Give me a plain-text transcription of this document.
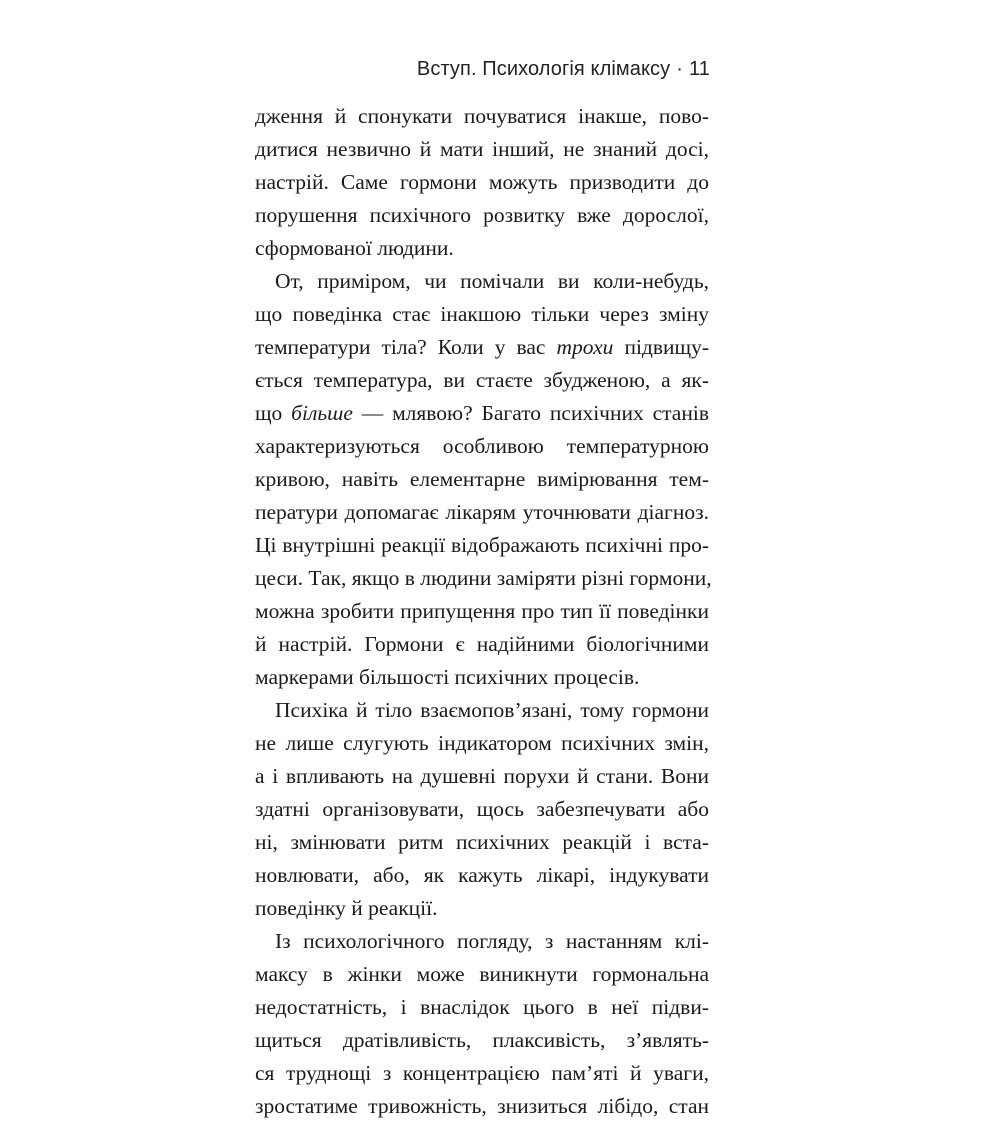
Вступ. Психологія клімаксу · 11
дження й спонукати почуватися інакше, пово-
дитися незвично й мати інший, не знаний досі,
настрій. Саме гормони можуть призводити до
порушення психічного розвитку вже дорослої,
сформованої людини.
От, приміром, чи помічали ви коли-небудь,
що поведінка стає інакшою тільки через зміну
температури тіла? Коли у вас трохи підвищу-
ється температура, ви стаєте збудженою, а як-
що більше — млявою? Багато психічних станів
характеризуються особливою температурною
кривою, навіть елементарне вимірювання тем-
ператури допомагає лікарям уточнювати діагноз.
Ці внутрішні реакції відображають психічні про-
цеси. Так, якщо в людини заміряти різні гормони,
можна зробити припущення про тип її поведінки
й настрій. Гормони є надійними біологічними
маркерами більшості психічних процесів.
Психіка й тіло взаємопов’язані, тому гормони
не лише слугують індикатором психічних змін,
а і впливають на душевні порухи й стани. Вони
здатні організовувати, щось забезпечувати або
ні, змінювати ритм психічних реакцій і вста-
новлювати, або, як кажуть лікарі, індукувати
поведінку й реакції.
Із психологічного погляду, з настанням клі-
максу в жінки може виникнути гормональна
недостатність, і внаслідок цього в неї підви-
щиться дратівливість, плаксивість, з’являть-
ся труднощі з концентрацією пам’яті й уваги,
зростатиме тривожність, знизиться лібідо, стан
